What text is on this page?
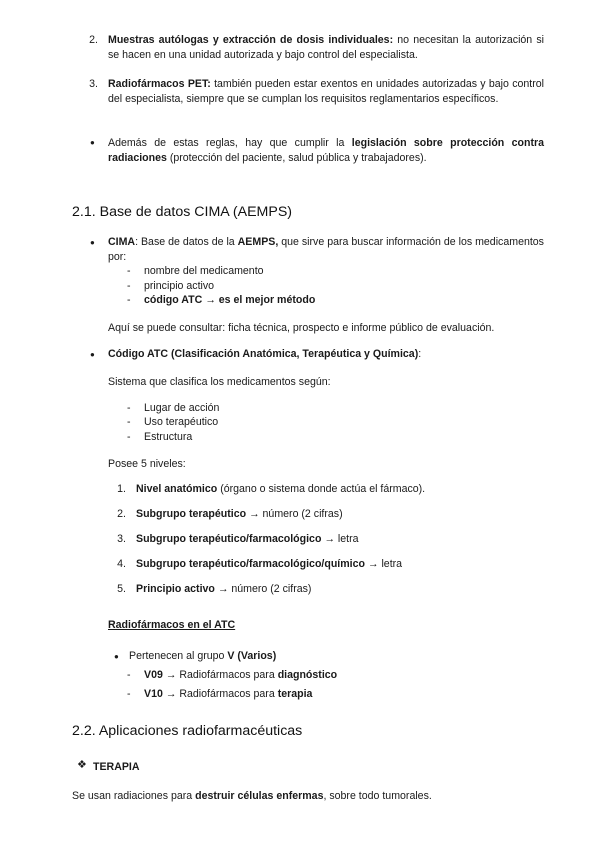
2. Muestras autólogas y extracción de dosis individuales: no necesitan la autorización si se hacen en una unidad autorizada y bajo control del especialista.
3. Radiofármacos PET: también pueden estar exentos en unidades autorizadas y bajo control del especialista, siempre que se cumplan los requisitos reglamentarios específicos.
● Además de estas reglas, hay que cumplir la legislación sobre protección contra radiaciones (protección del paciente, salud pública y trabajadores).
2.1. Base de datos CIMA (AEMPS)
● CIMA: Base de datos de la AEMPS, que sirve para buscar información de los medicamentos por:
- nombre del medicamento
- principio activo
- código ATC → es el mejor método
Aquí se puede consultar: ficha técnica, prospecto e informe público de evaluación.
● Código ATC (Clasificación Anatómica, Terapéutica y Química):
Sistema que clasifica los medicamentos según:
- Lugar de acción
- Uso terapéutico
- Estructura
Posee 5 niveles:
1. Nivel anatómico (órgano o sistema donde actúa el fármaco).
2. Subgrupo terapéutico → número (2 cifras)
3. Subgrupo terapéutico/farmacológico → letra
4. Subgrupo terapéutico/farmacológico/químico → letra
5. Principio activo → número (2 cifras)
Radiofármacos en el ATC
● Pertenecen al grupo V (Varios)
- V09 → Radiofármacos para diagnóstico
- V10 → Radiofármacos para terapia
2.2. Aplicaciones radiofarmacéuticas
❖ TERAPIA
Se usan radiaciones para destruir células enfermas, sobre todo tumorales.
